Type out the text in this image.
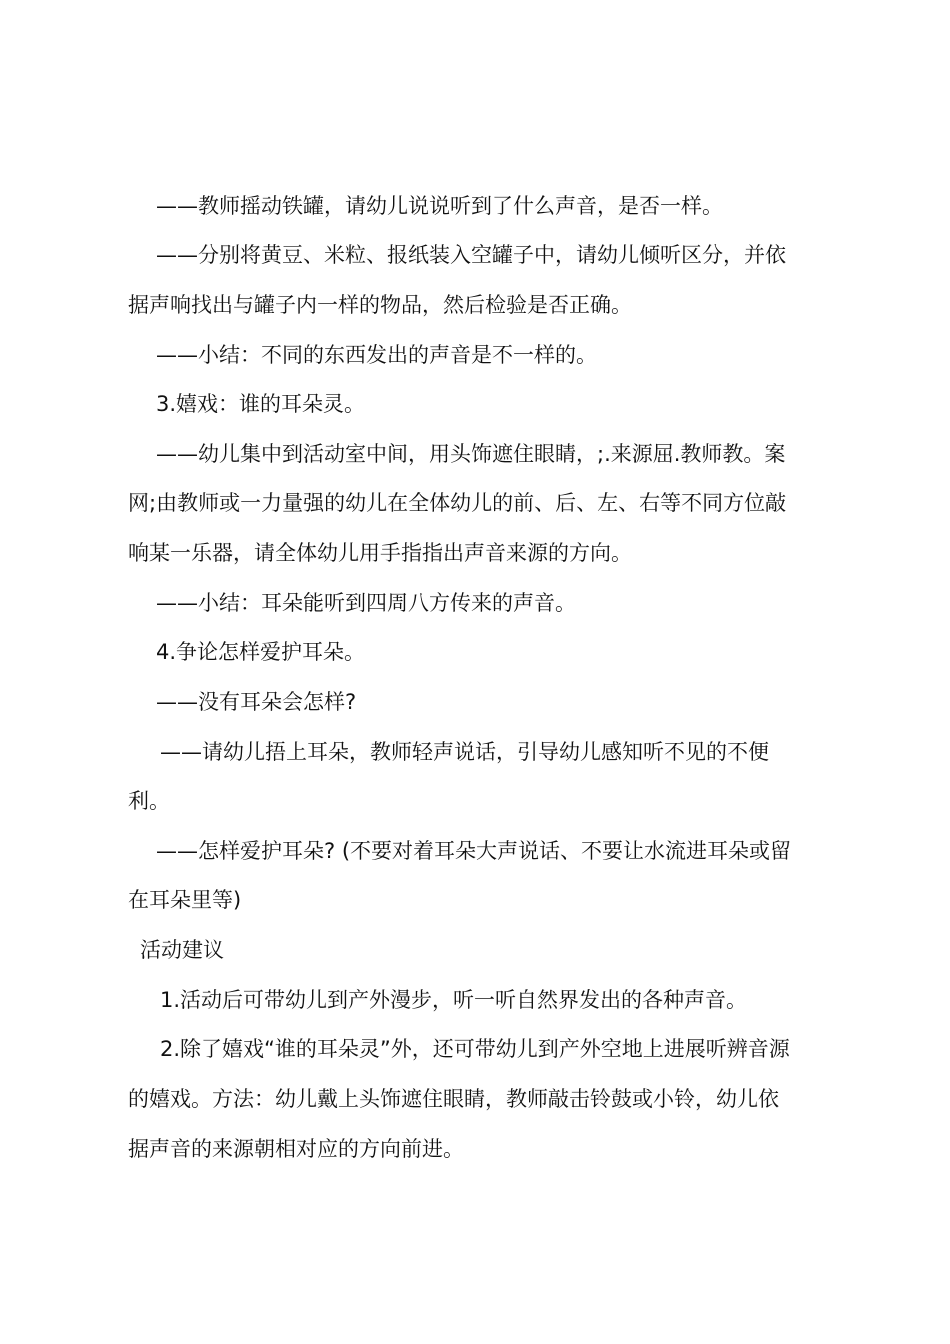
——教师摇动铁罐，请幼儿说说听到了什么声音，是否一样。

——分别将黄豆、米粒、报纸装入空罐子中，请幼儿倾听区分，并依

据声响找出与罐子内一样的物品，然后检验是否正确。

——小结：不同的东西发出的声音是不一样的。

3.嬉戏：谁的耳朵灵。

——幼儿集中到活动室中间，用头饰遮住眼睛，;.来源屈.教师教。案

网;由教师或一力量强的幼儿在全体幼儿的前、后、左、右等不同方位敲

响某一乐器，请全体幼儿用手指指出声音来源的方向。

——小结：耳朵能听到四周八方传来的声音。

4.争论怎样爱护耳朵。

——没有耳朵会怎样?

——请幼儿捂上耳朵，教师轻声说话，引导幼儿感知听不见的不便

利。

——怎样爱护耳朵? (不要对着耳朵大声说话、不要让水流进耳朵或留

在耳朵里等)

活动建议

1.活动后可带幼儿到产外漫步，听一听自然界发出的各种声音。

2.除了嬉戏“谁的耳朵灵”外，还可带幼儿到产外空地上进展听辨音源

的嬉戏。方法：幼儿戴上头饰遮住眼睛，教师敲击铃鼓或小铃，幼儿依

据声音的来源朝相对应的方向前进。
